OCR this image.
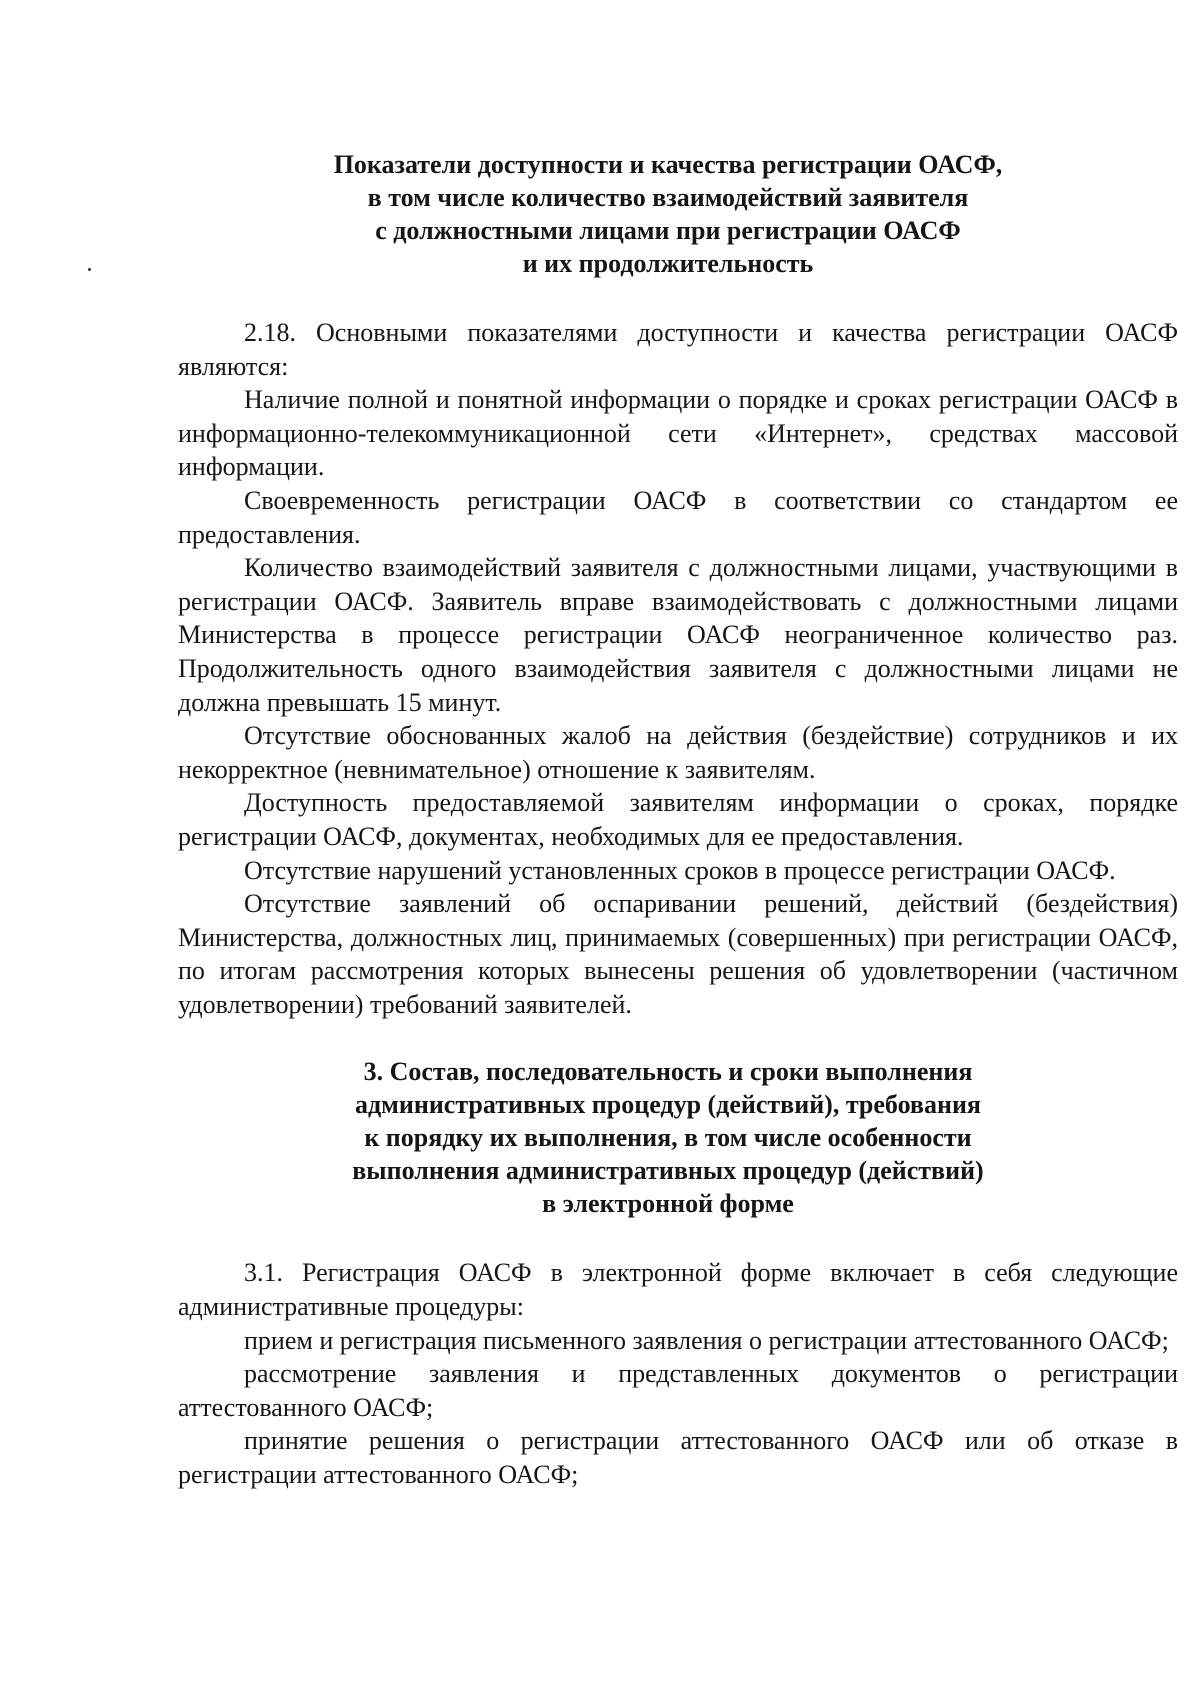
Показатели доступности и качества регистрации ОАСФ,
в том числе количество взаимодействий заявителя
с должностными лицами при регистрации ОАСФ
и их продолжительность

2.18. Основными показателями доступности и качества регистрации ОАСФ являются:

Наличие полной и понятной информации о порядке и сроках регистрации ОАСФ в информационно-телекоммуникационной сети «Интернет», средствах массовой информации.

Своевременность регистрации ОАСФ в соответствии со стандартом ее предоставления.

Количество взаимодействий заявителя с должностными лицами, участвующими в регистрации ОАСФ. Заявитель вправе взаимодействовать с должностными лицами Министерства в процессе регистрации ОАСФ неограниченное количество раз. Продолжительность одного взаимодействия заявителя с должностными лицами не должна превышать 15 минут.

Отсутствие обоснованных жалоб на действия (бездействие) сотрудников и их некорректное (невнимательное) отношение к заявителям.

Доступность предоставляемой заявителям информации о сроках, порядке регистрации ОАСФ, документах, необходимых для ее предоставления.

Отсутствие нарушений установленных сроков в процессе регистрации ОАСФ.

Отсутствие заявлений об оспаривании решений, действий (бездействия) Министерства, должностных лиц, принимаемых (совершенных) при регистрации ОАСФ, по итогам рассмотрения которых вынесены решения об удовлетворении (частичном удовлетворении) требований заявителей.

3. Состав, последовательность и сроки выполнения
административных процедур (действий), требования
к порядку их выполнения, в том числе особенности
выполнения административных процедур (действий)
в электронной форме

3.1. Регистрация ОАСФ в электронной форме включает в себя следующие административные процедуры:

прием и регистрация письменного заявления о регистрации аттестованного ОАСФ;

рассмотрение заявления и представленных документов о регистрации аттестованного ОАСФ;

принятие решения о регистрации аттестованного ОАСФ или об отказе в регистрации аттестованного ОАСФ;
